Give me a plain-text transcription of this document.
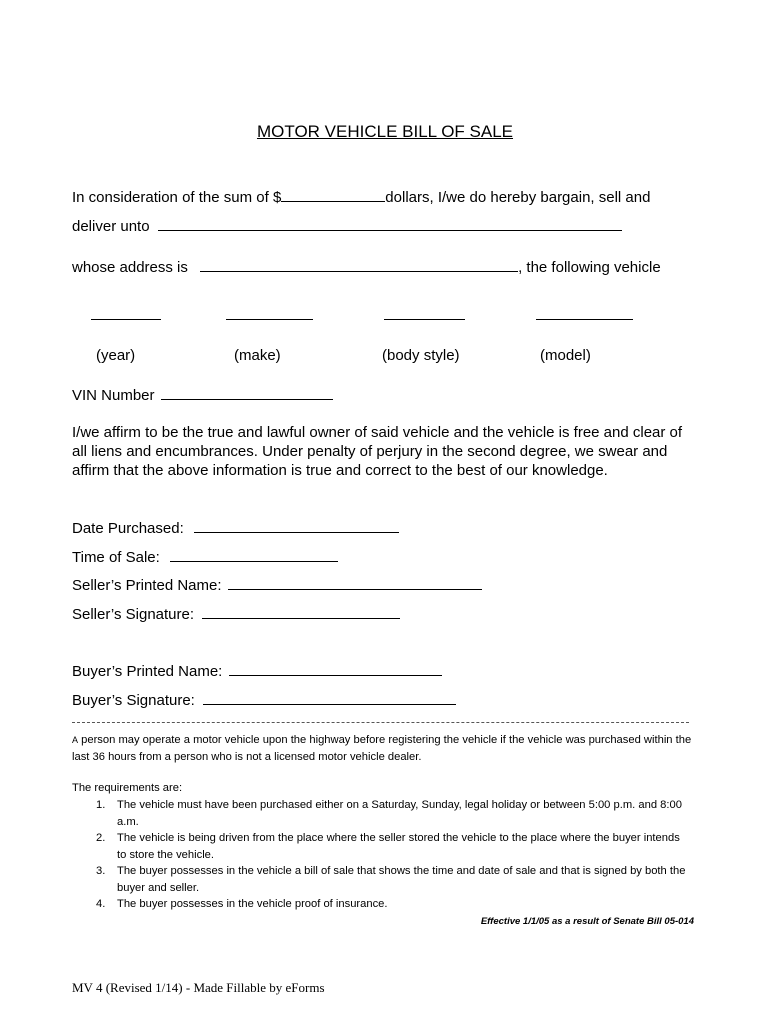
MOTOR VEHICLE BILL OF SALE
In consideration of the sum of $	dollars, I/we do hereby bargain, sell and
deliver unto
whose address is	, the following vehicle
(year)	(make)	(body style)	(model)
VIN Number
I/we affirm to be the true and lawful owner of said vehicle and the vehicle is free and clear of all liens and encumbrances. Under penalty of perjury in the second degree, we swear and affirm that the above information is true and correct to the best of our knowledge.
Date Purchased:
Time of Sale:
Seller’s Printed Name:
Seller’s Signature:
Buyer’s Printed Name:
Buyer’s Signature:
A person may operate a motor vehicle upon the highway before registering the vehicle if the vehicle was purchased within the last 36 hours from a person who is not a licensed motor vehicle dealer.
The requirements are:
1. The vehicle must have been purchased either on a Saturday, Sunday, legal holiday or between 5:00 p.m. and 8:00 a.m.
2. The vehicle is being driven from the place where the seller stored the vehicle to the place where the buyer intends to store the vehicle.
3. The buyer possesses in the vehicle a bill of sale that shows the time and date of sale and that is signed by both the buyer and seller.
4. The buyer possesses in the vehicle proof of insurance.
Effective 1/1/05 as a result of Senate Bill 05-014
MV 4 (Revised 1/14) - Made Fillable by eForms
